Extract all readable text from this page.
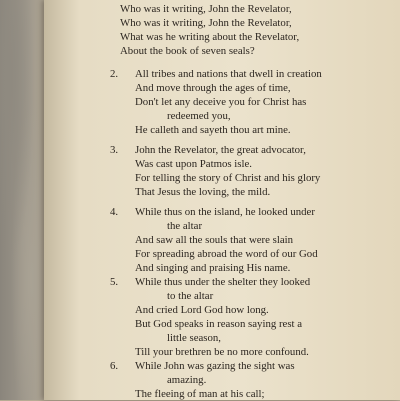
Who was it writing, John the Revelator,

Who was it writing, John the Revelator,

What was he writing about the Revelator,

About the book of seven seals?

2. All tribes and nations that dwell in creation

And move through the ages of time,

Don't let any deceive you for Christ has

redeemed you,

He calleth and sayeth thou art mine.

3. John the Revelator, the great advocator,

Was cast upon Patmos isle.

For telling the story of Christ and his glory

That Jesus the loving, the mild.

4. While thus on the island, he looked under

the altar

And saw all the souls that were slain

For spreading abroad the word of our God

And singing and praising His name.

5. While thus under the shelter they looked

to the altar

And cried Lord God how long.

But God speaks in reason saying rest a

little season,

Till your brethren be no more confound.

6. While John was gazing the sight was

amazing.

The fleeing of man at his call;
